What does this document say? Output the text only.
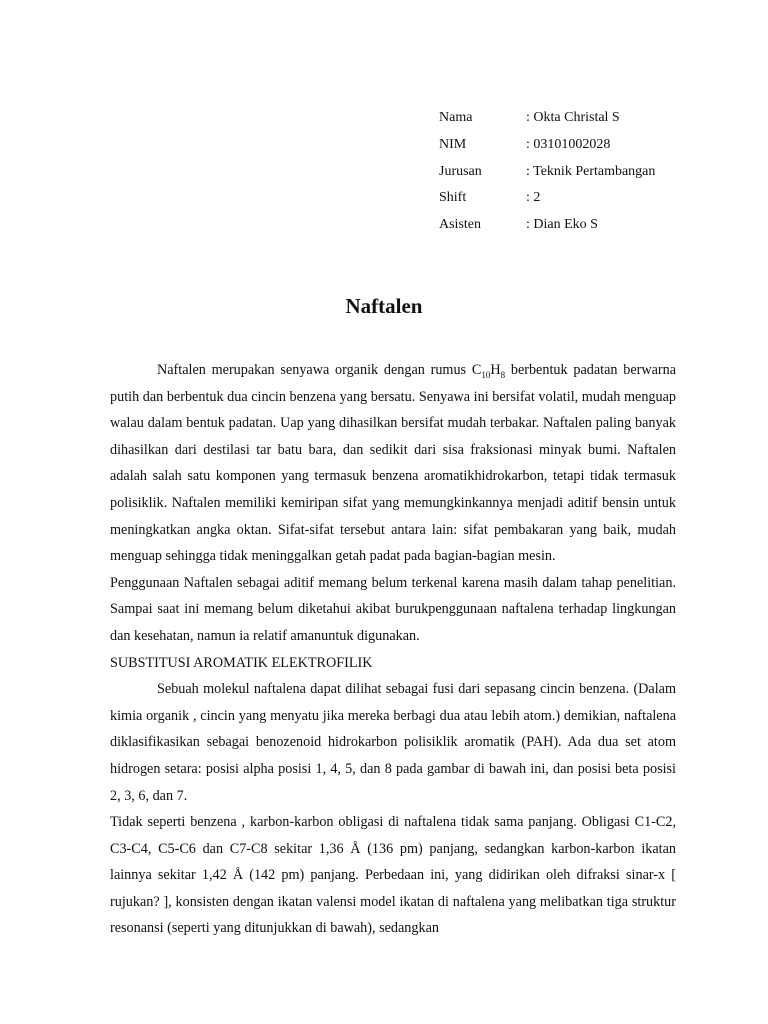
Nama	: Okta Christal S
NIM	: 03101002028
Jurusan	: Teknik Pertambangan
Shift	: 2
Asisten	: Dian Eko S
Naftalen

Naftalen merupakan senyawa organik dengan rumus $C_{10}H_8$ berbentuk padatan berwarna putih dan berbentuk dua cincin benzena yang bersatu. Senyawa ini bersifat volatil, mudah menguap walau dalam bentuk padatan. Uap yang dihasilkan bersifat mudah terbakar. Naftalen paling banyak dihasilkan dari destilasi tar batu bara, dan sedikit dari sisa fraksionasi minyak bumi. Naftalen adalah salah satu komponen yang termasuk benzena aromatikhidrokarbon, tetapi tidak termasuk polisiklik. Naftalen memiliki kemiripan sifat yang memungkinkannya menjadi aditif bensin untuk meningkatkan angka oktan. Sifat-sifat tersebut antara lain: sifat pembakaran yang baik, mudah menguap sehingga tidak meninggalkan getah padat pada bagian-bagian mesin.

Penggunaan Naftalen sebagai aditif memang belum terkenal karena masih dalam tahap penelitian. Sampai saat ini memang belum diketahui akibat burukpenggunaan naftalena terhadap lingkungan dan kesehatan, namun ia relatif amanuntuk digunakan.

SUBSTITUSI AROMATIK ELEKTROFILIK

Sebuah molekul naftalena dapat dilihat sebagai fusi dari sepasang cincin benzena. (Dalam kimia organik , cincin yang menyatu jika mereka berbagi dua atau lebih atom.) demikian, naftalena diklasifikasikan sebagai benozenoid hidrokarbon polisiklik aromatik (PAH). Ada dua set atom hidrogen setara: posisi alpha posisi 1, 4, 5, dan 8 pada gambar di bawah ini, dan posisi beta posisi 2, 3, 6, dan 7.

Tidak seperti benzena , karbon-karbon obligasi di naftalena tidak sama panjang. Obligasi C1-C2, C3-C4, C5-C6 dan C7-C8 sekitar 1,36 Å (136 pm) panjang, sedangkan karbon-karbon ikatan lainnya sekitar 1,42 Å (142 pm) panjang. Perbedaan ini, yang didirikan oleh difraksi sinar-x [ rujukan? ], konsisten dengan ikatan valensi model ikatan di naftalena yang melibatkan tiga struktur resonansi (seperti yang ditunjukkan di bawah), sedangkan
